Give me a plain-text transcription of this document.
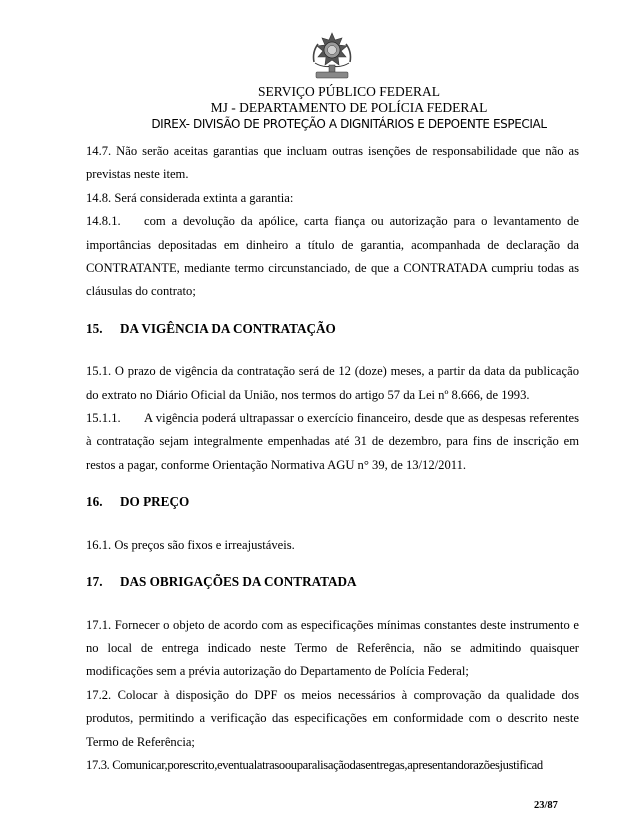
SERVIÇO PÚBLICO FEDERAL
MJ - DEPARTAMENTO DE POLÍCIA FEDERAL
DIREX- DIVISÃO DE PROTEÇÃO A DIGNITÁRIOS E DEPOENTE ESPECIAL

14.7. Não serão aceitas garantias que incluam outras isenções de responsabilidade que não as previstas neste item.

14.8. Será considerada extinta a garantia:

14.8.1. com a devolução da apólice, carta fiança ou autorização para o levantamento de importâncias depositadas em dinheiro a título de garantia, acompanhada de declaração da CONTRATANTE, mediante termo circunstanciado, de que a CONTRATADA cumpriu todas as cláusulas do contrato;

15. DA VIGÊNCIA DA CONTRATAÇÃO

15.1. O prazo de vigência da contratação será de 12 (doze) meses, a partir da data da publicação do extrato no Diário Oficial da União, nos termos do artigo 57 da Lei nº 8.666, de 1993.

15.1.1. A vigência poderá ultrapassar o exercício financeiro, desde que as despesas referentes à contratação sejam integralmente empenhadas até 31 de dezembro, para fins de inscrição em restos a pagar, conforme Orientação Normativa AGU n° 39, de 13/12/2011.

16. DO PREÇO

16.1. Os preços são fixos e irreajustáveis.

17. DAS OBRIGAÇÕES DA CONTRATADA

17.1. Fornecer o objeto de acordo com as especificações mínimas constantes deste instrumento e no local de entrega indicado neste Termo de Referência, não se admitindo quaisquer modificações sem a prévia autorização do Departamento de Polícia Federal;

17.2. Colocar à disposição do DPF os meios necessários à comprovação da qualidade dos produtos, permitindo a verificação das especificações em conformidade com o descrito neste Termo de Referência;

17.3. Comunicar,porescrito,eventualatrasoouparalisaçãodasentregas,apresentandorazõesjustificad

23/87
